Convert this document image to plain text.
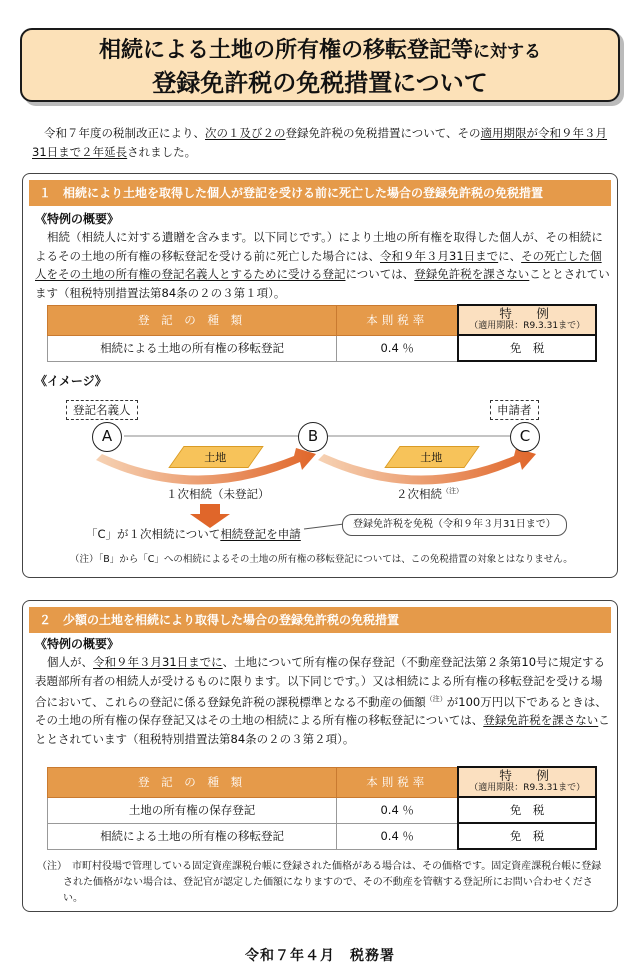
相続による土地の所有権の移転登記等に対する
登録免許税の免税措置について
令和７年度の税制改正により、次の１及び２の登録免許税の免税措置について、その適用期限が令和９年３月31日まで２年延長されました。
１　相続により土地を取得した個人が登記を受ける前に死亡した場合の登録免許税の免税措置
《特例の概要》
相続（相続人に対する遺贈を含みます。以下同じです。）により土地の所有権を取得した個人が、その相続によるその土地の所有権の移転登記を受ける前に死亡した場合には、令和９年３月31日までに、その死亡した個人をその土地の所有権の登記名義人とするために受ける登記については、登録免許税を課さないこととされています（租税特別措置法第84条の２の３第１項）。
登 記 の 種 類	本則税率	特　例
（適用期限：R9.3.31まで）

相続による土地の所有権の移転登記	0.4 ％	免　税
《イメージ》
登記名義人	申請者
A	B	C
土地	土地
１次相続（未登記）	２次相続$^{(注)}$
「C」が１次相続について相続登記を申請
登録免許税を免税（令和９年３月31日まで）
（注）「B」から「C」への相続によるその土地の所有権の移転登記については、この免税措置の対象とはなりません。
２　少額の土地を相続により取得した場合の登録免許税の免税措置
《特例の概要》
個人が、令和９年３月31日までに、土地について所有権の保存登記（不動産登記法第２条第10号に規定する表題部所有者の相続人が受けるものに限ります。以下同じです。）又は相続による所有権の移転登記を受ける場合において、これらの登記に係る登録免許税の課税標準となる不動産の価額$^{(注)}$が100万円以下であるときは、その土地の所有権の保存登記又はその土地の相続による所有権の移転登記については、登録免許税を課さないこととされています（租税特別措置法第84条の２の３第２項）。
登 記 の 種 類	本則税率	特　例
（適用期限：R9.3.31まで）

土地の所有権の保存登記	0.4 ％	免　税
相続による土地の所有権の移転登記	0.4 ％	免　税
（注）　市町村役場で管理している固定資産課税台帳に登録された価格がある場合は、その価格です。固定資産課税台帳に登録された価格がない場合は、登記官が認定した価額になりますので、その不動産を管轄する登記所にお問い合わせください。
令和７年４月　税務署
